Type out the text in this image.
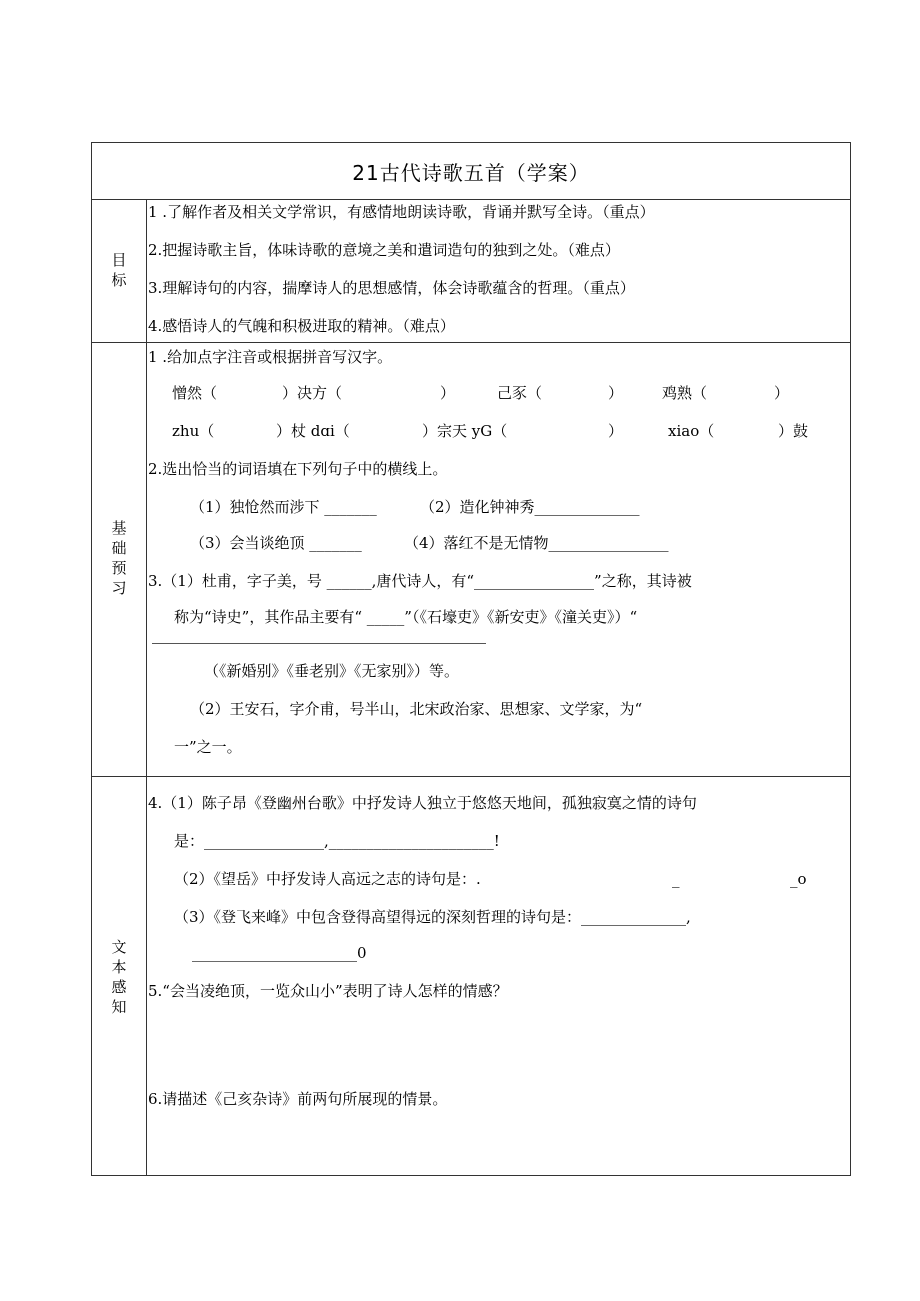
21古代诗歌五首（学案）
目标
1 .了解作者及相关文学常识，有感情地朗读诗歌，背诵并默写全诗。（重点）
2.把握诗歌主旨，体味诗歌的意境之美和遣词造句的独到之处。（难点）
3.理解诗句的内容，揣摩诗人的思想感情，体会诗歌蕴含的哲理。（重点）
4.感悟诗人的气魄和积极进取的精神。（难点）
基础预习
1 .给加点字注音或根据拼音写汉字。
憎然（	）决方（	）	己豕（	）	鸡熟（	）
zhu（	）杖 dɑi（	）宗天 yG（	）	xiao（	）鼓
2.选出恰当的词语填在下列句子中的横线上。
（1）独怆然而涉下 _______	（2）造化钟神秀______________
（3）会当谈绝顶 _______	（4）落红不是无情物________________
3.（1）杜甫，字子美，号 ______,唐代诗人，有“________________”之称，其诗被
称为“诗史”，其作品主要有“ _____”（《石壕吏》《新安吏》《潼关吏》）“
（《新婚别》《垂老别》《无家别》）等。
（2）王安石，字介甫，号半山，北宋政治家、思想家、文学家，为“
一”之一。
文本感知
4.（1）陈子昂《登幽州台歌》中抒发诗人独立于悠悠天地间，孤独寂寞之情的诗句
是：________________,______________________!
（2）《望岳》中抒发诗人高远之志的诗句是：.	_	_o
（3）《登飞来峰》中包含登得高望得远的深刻哲理的诗句是：______________,
______________________0
5.“会当凌绝顶，一览众山小”表明了诗人怎样的情感？
6.请描述《己亥杂诗》前两句所展现的情景。
